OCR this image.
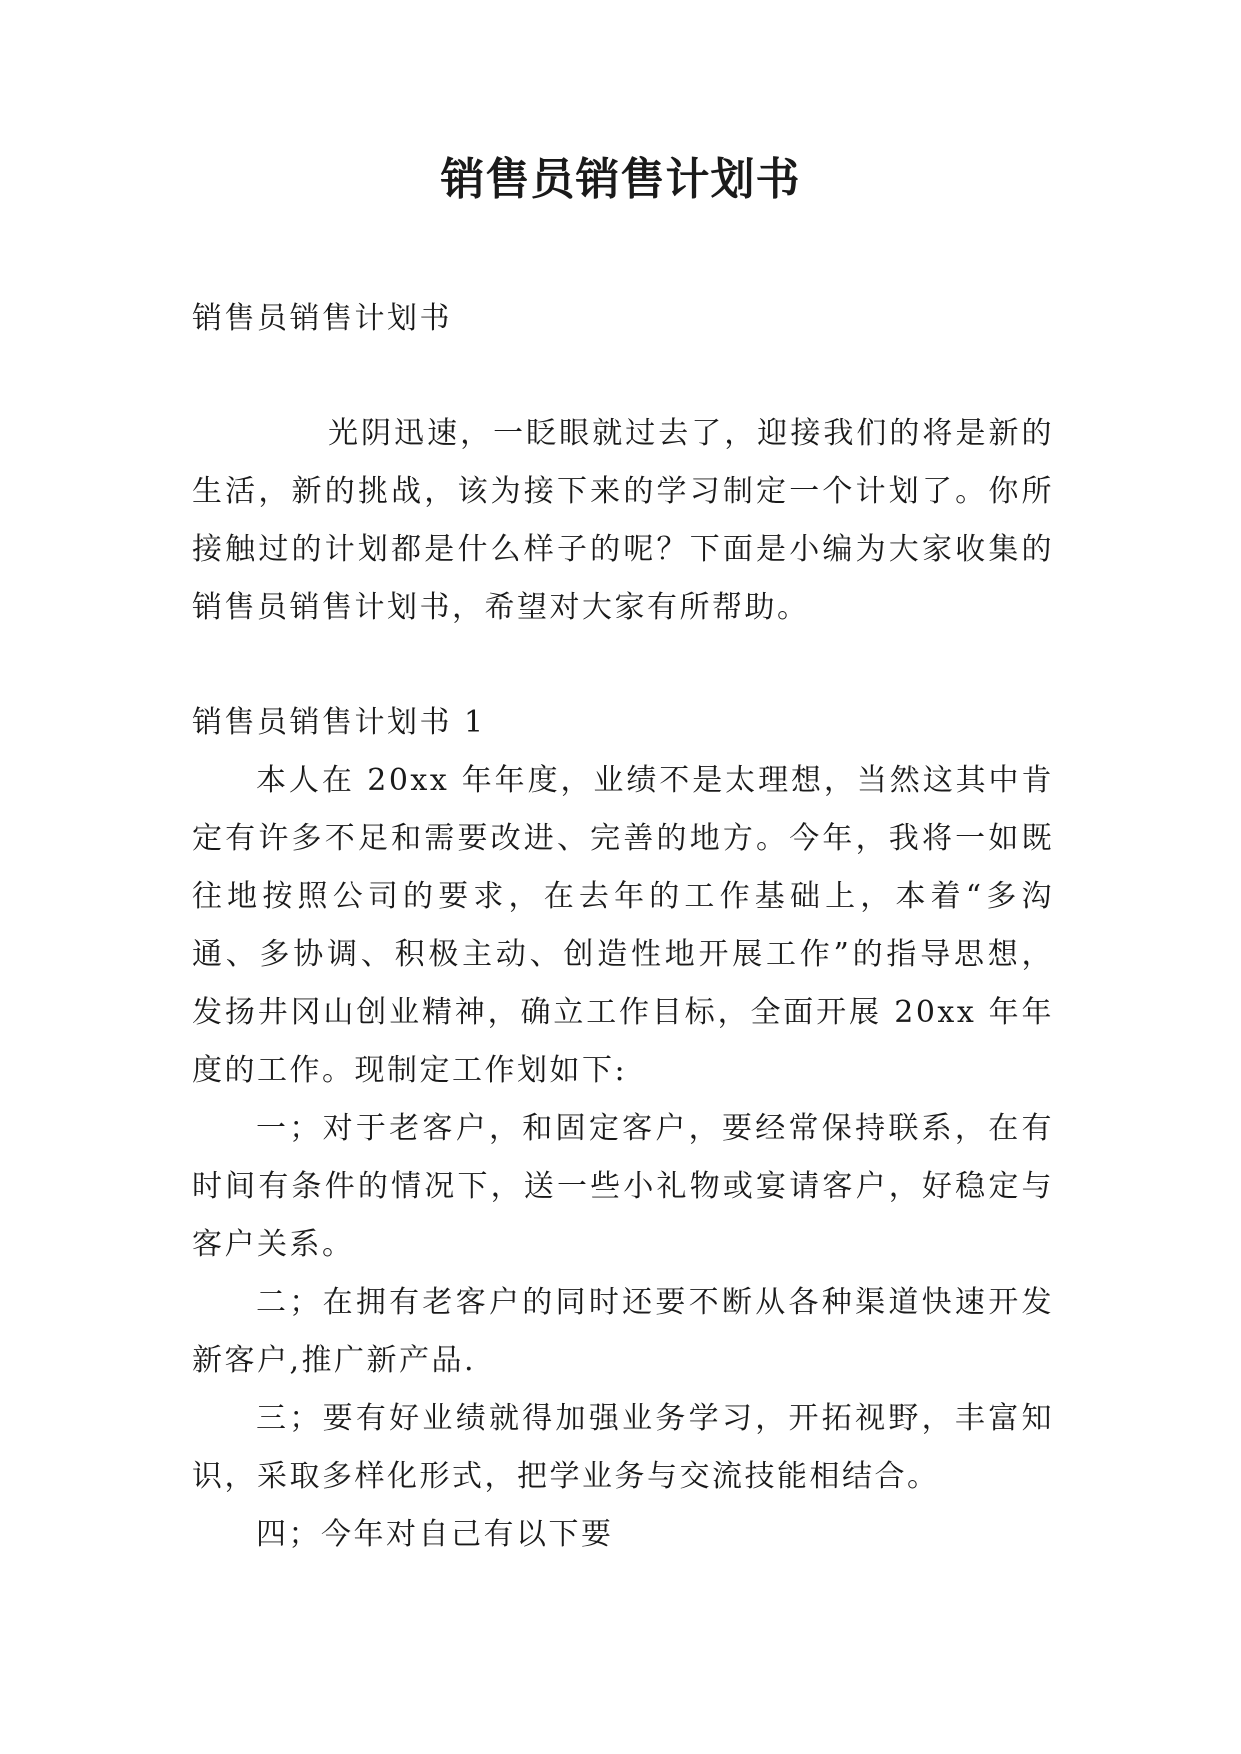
销售员销售计划书

销售员销售计划书

光阴迅速，一眨眼就过去了，迎接我们的将是新的生活，新的挑战，该为接下来的学习制定一个计划了。你所接触过的计划都是什么样子的呢？下面是小编为大家收集的销售员销售计划书，希望对大家有所帮助。

销售员销售计划书 1

本人在 20xx 年年度，业绩不是太理想，当然这其中肯定有许多不足和需要改进、完善的地方。今年，我将一如既往地按照公司的要求，在去年的工作基础上，本着“多沟通、多协调、积极主动、创造性地开展工作”的指导思想，发扬井冈山创业精神，确立工作目标，全面开展 20xx 年年度的工作。现制定工作划如下:

一；对于老客户，和固定客户，要经常保持联系，在有时间有条件的情况下，送一些小礼物或宴请客户，好稳定与客户关系。

二；在拥有老客户的同时还要不断从各种渠道快速开发新客户,推广新产品.

三；要有好业绩就得加强业务学习，开拓视野，丰富知识，采取多样化形式，把学业务与交流技能相结合。

四；今年对自己有以下要
